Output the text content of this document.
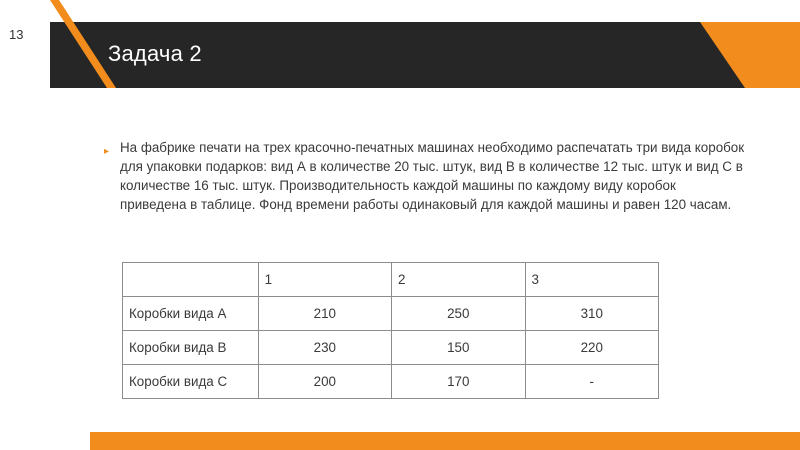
13
Задача 2
▸ На фабрике печати на трех красочно-печатных машинах необходимо распечатать три вида коробок для упаковки подарков: вид А в количестве 20 тыс. штук, вид В в количестве 12 тыс. штук и вид С в количестве 16 тыс. штук. Производительность каждой машины по каждому виду коробок приведена в таблице. Фонд времени работы одинаковый для каждой машины и равен 120 часам.
	1	2	3
Коробки вида А	210	250	310
Коробки вида В	230	150	220
Коробки вида С	200	170	-
